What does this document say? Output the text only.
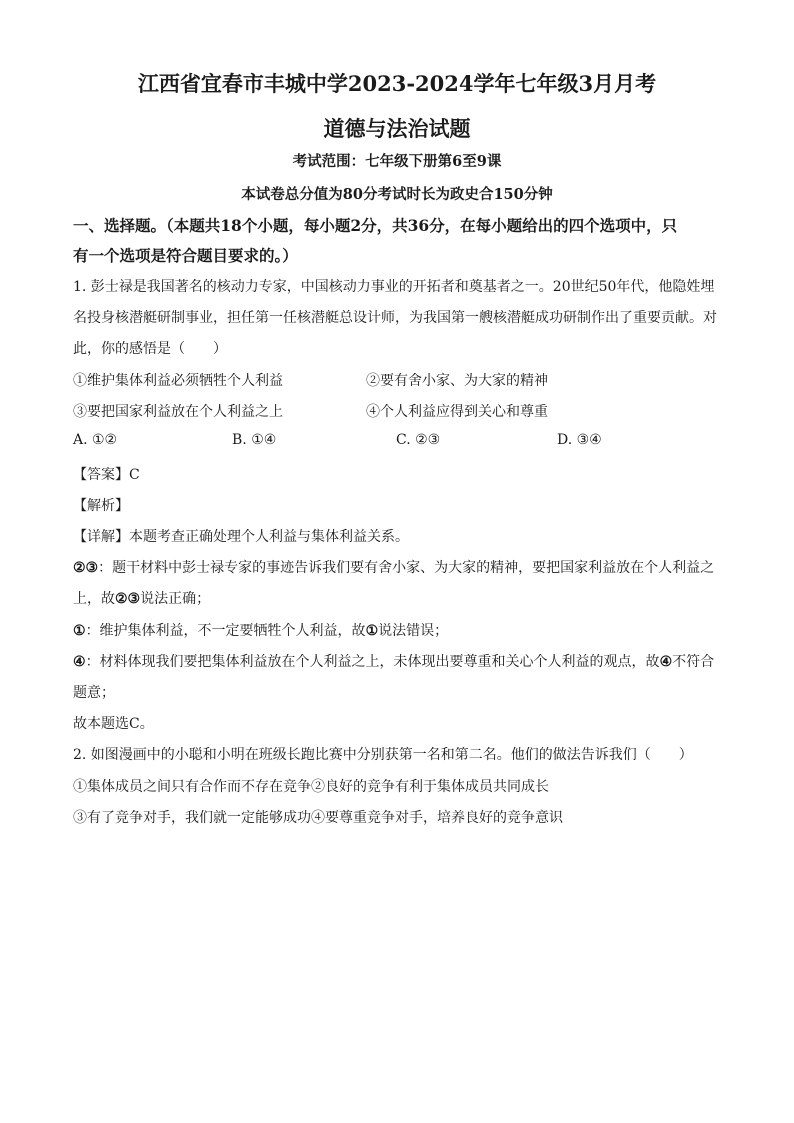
江西省宜春市丰城中学2023-2024学年七年级3月月考
道德与法治试题
考试范围：七年级下册第6至9课
本试卷总分值为80分考试时长为政史合150分钟
一、选择题。（本题共18个小题，每小题2分，共36分，在每小题给出的四个选项中，只
有一个选项是符合题目要求的。）
1. 彭士禄是我国著名的核动力专家，中国核动力事业的开拓者和奠基者之一。20世纪50年代，他隐姓埋
名投身核潜艇研制事业，担任第一任核潜艇总设计师，为我国第一艘核潜艇成功研制作出了重要贡献。对
此，你的感悟是（　　）
①维护集体利益必须牺牲个人利益	②要有舍小家、为大家的精神
③要把国家利益放在个人利益之上	④个人利益应得到关心和尊重
A. ①②	B. ①④	C. ②③	D. ③④
【答案】C
【解析】
【详解】本题考查正确处理个人利益与集体利益关系。
②③：题干材料中彭士禄专家的事迹告诉我们要有舍小家、为大家的精神，要把国家利益放在个人利益之
上，故②③说法正确；
①：维护集体利益，不一定要牺牲个人利益，故①说法错误；
④：材料体现我们要把集体利益放在个人利益之上，未体现出要尊重和关心个人利益的观点，故④不符合
题意；
故本题选C。
2. 如图漫画中的小聪和小明在班级长跑比赛中分别获第一名和第二名。他们的做法告诉我们（　　）
①集体成员之间只有合作而不存在竞争②良好的竞争有利于集体成员共同成长
③有了竞争对手，我们就一定能够成功④要尊重竞争对手，培养良好的竞争意识
